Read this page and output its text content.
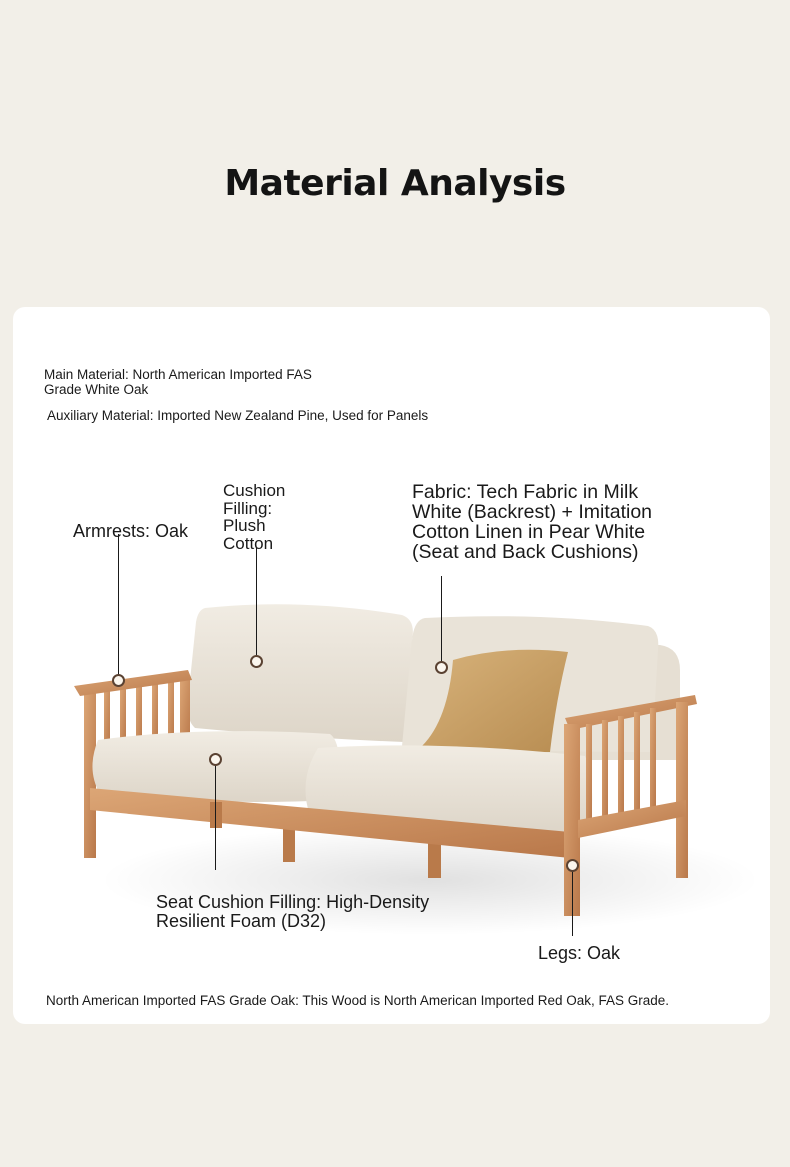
Material Analysis
Main Material: North American Imported FAS Grade White Oak
Auxiliary Material: Imported New Zealand Pine, Used for Panels
Armrests: Oak
Cushion Filling: Plush Cotton
Fabric: Tech Fabric in Milk White (Backrest) + Imitation Cotton Linen in Pear White (Seat and Back Cushions)
Seat Cushion Filling: High-Density Resilient Foam (D32)
Legs: Oak
North American Imported FAS Grade Oak: This Wood is North American Imported Red Oak, FAS Grade.
